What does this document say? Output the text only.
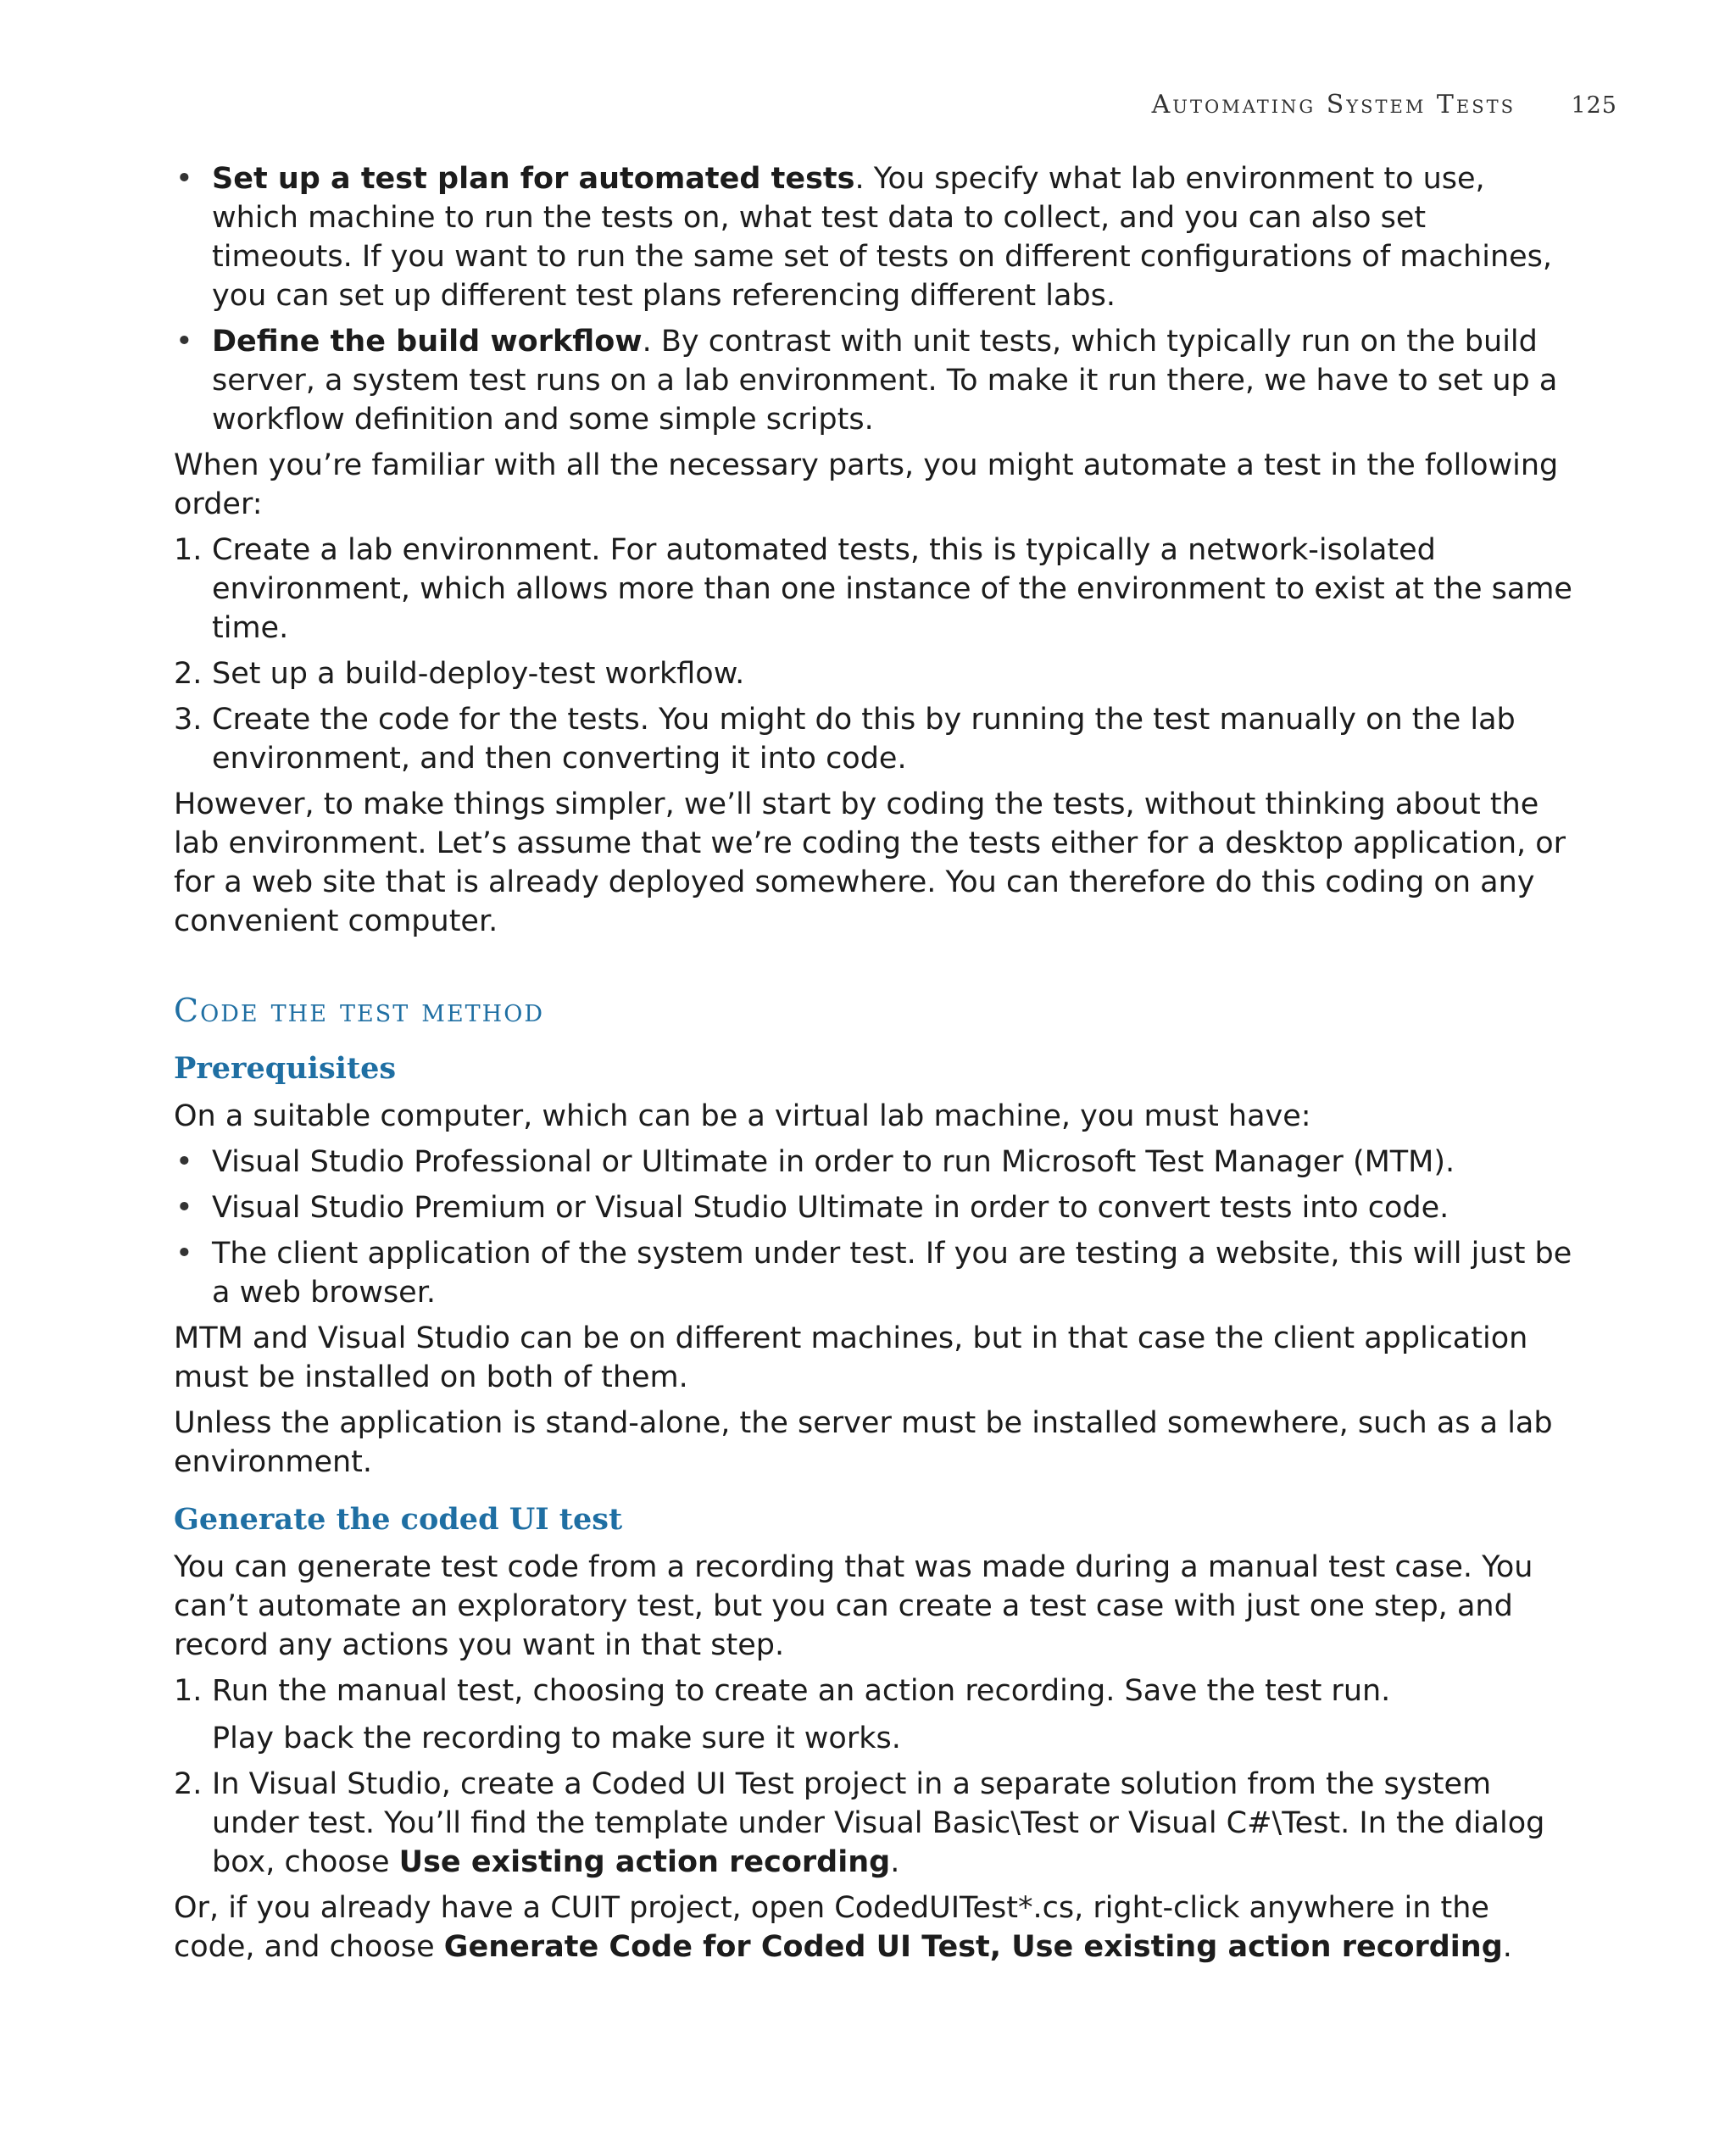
Automating System Tests 125
• Set up a test plan for automated tests. You specify what lab environment to use, which machine to run the tests on, what test data to collect, and you can also set timeouts. If you want to run the same set of tests on different configurations of machines, you can set up different test plans referencing different labs.
• Define the build workflow. By contrast with unit tests, which typically run on the build server, a system test runs on a lab environment. To make it run there, we have to set up a workflow definition and some simple scripts.

When you’re familiar with all the necessary parts, you might automate a test in the following order:

1. Create a lab environment. For automated tests, this is typically a network-isolated environment, which allows more than one instance of the environment to exist at the same time.
2. Set up a build-deploy-test workflow.
3. Create the code for the tests. You might do this by running the test manually on the lab environment, and then converting it into code.

However, to make things simpler, we’ll start by coding the tests, without thinking about the lab environment. Let’s assume that we’re coding the tests either for a desktop application, or for a web site that is already deployed somewhere. You can therefore do this coding on any convenient computer.

Code the test method
Prerequisites

On a suitable computer, which can be a virtual lab machine, you must have:

• Visual Studio Professional or Ultimate in order to run Microsoft Test Manager (MTM).
• Visual Studio Premium or Visual Studio Ultimate in order to convert tests into code.
• The client application of the system under test. If you are testing a website, this will just be a web browser.

MTM and Visual Studio can be on different machines, but in that case the client application must be installed on both of them.

Unless the application is stand-alone, the server must be installed somewhere, such as a lab environment.

Generate the coded UI test

You can generate test code from a recording that was made during a manual test case. You can’t automate an exploratory test, but you can create a test case with just one step, and record any actions you want in that step.

1. Run the manual test, choosing to create an action recording. Save the test run.
Play back the recording to make sure it works.
2. In Visual Studio, create a Coded UI Test project in a separate solution from the system under test. You’ll find the template under Visual Basic\Test or Visual C#\Test. In the dialog box, choose Use existing action recording.

Or, if you already have a CUIT project, open CodedUITest*.cs, right-click anywhere in the code, and choose Generate Code for Coded UI Test, Use existing action recording.
